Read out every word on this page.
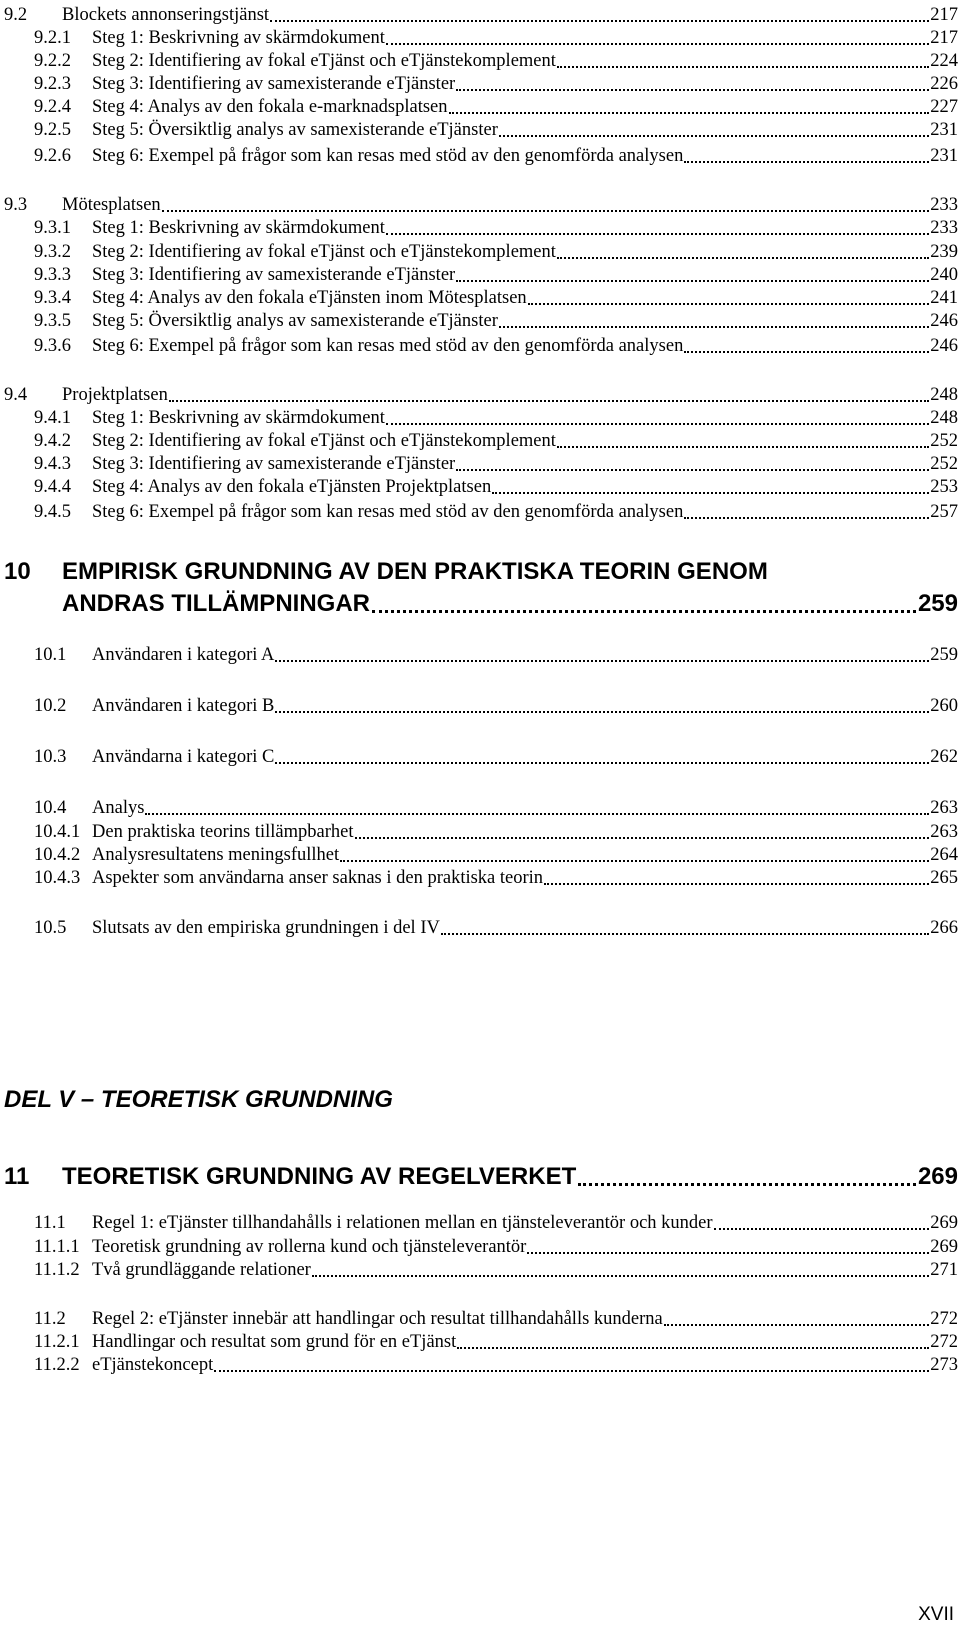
9.2	Blockets annonseringstjänst	217
9.2.1	Steg 1: Beskrivning av skärmdokument	217
9.2.2	Steg 2: Identifiering av fokal eTjänst och eTjänstekomplement	224
9.2.3	Steg 3: Identifiering av samexisterande eTjänster	226
9.2.4	Steg 4: Analys av den fokala e-marknadsplatsen	227
9.2.5	Steg 5: Översiktlig analys av samexisterande eTjänster	231
9.2.6	Steg 6: Exempel på frågor som kan resas med stöd av den genomförda analysen	231
9.3	Mötesplatsen	233
9.3.1	Steg 1: Beskrivning av skärmdokument	233
9.3.2	Steg 2: Identifiering av fokal eTjänst och eTjänstekomplement	239
9.3.3	Steg 3: Identifiering av samexisterande eTjänster	240
9.3.4	Steg 4: Analys av den fokala eTjänsten inom Mötesplatsen	241
9.3.5	Steg 5: Översiktlig analys av samexisterande eTjänster	246
9.3.6	Steg 6: Exempel på frågor som kan resas med stöd av den genomförda analysen	246
9.4	Projektplatsen	248
9.4.1	Steg 1: Beskrivning av skärmdokument	248
9.4.2	Steg 2: Identifiering av fokal eTjänst och eTjänstekomplement	252
9.4.3	Steg 3: Identifiering av samexisterande eTjänster	252
9.4.4	Steg 4: Analys av den fokala eTjänsten Projektplatsen	253
9.4.5	Steg 6: Exempel på frågor som kan resas med stöd av den genomförda analysen	257
10 EMPIRISK GRUNDNING AV DEN PRAKTISKA TEORIN GENOM
ANDRAS TILLÄMPNINGAR	259
10.1	Användaren i kategori A	259
10.2	Användaren i kategori B	260
10.3	Användarna i kategori C	262
10.4	Analys	263
10.4.1 Den praktiska teorins tillämpbarhet	263
10.4.2 Analysresultatens meningsfullhet	264
10.4.3 Aspekter som användarna anser saknas i den praktiska teorin	265
10.5	Slutsats av den empiriska grundningen i del IV	266
DEL V – TEORETISK GRUNDNING
11 TEORETISK GRUNDNING AV REGELVERKET	269
11.1	Regel 1: eTjänster tillhandahålls i relationen mellan en tjänsteleverantör och kunder	269
11.1.1 Teoretisk grundning av rollerna kund och tjänsteleverantör	269
11.1.2 Två grundläggande relationer	271
11.2	Regel 2: eTjänster innebär att handlingar och resultat tillhandahålls kunderna	272
11.2.1 Handlingar och resultat som grund för en eTjänst	272
11.2.2 eTjänstekoncept	273
XVII
